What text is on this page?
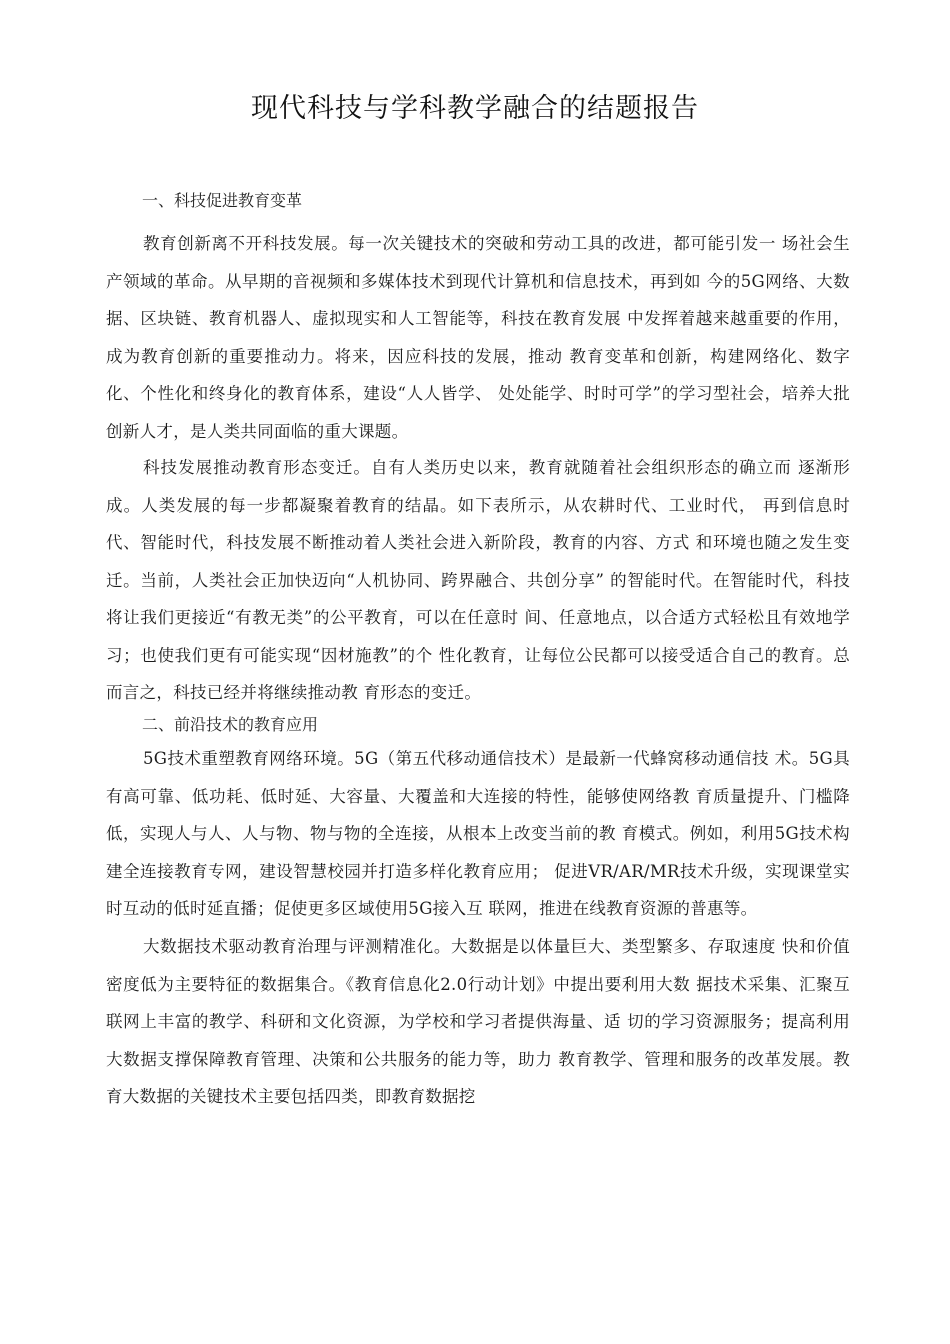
现代科技与学科教学融合的结题报告
一、科技促进教育变革

教育创新离不开科技发展。每一次关键技术的突破和劳动工具的改进，都可能引发一 场社会生产领域的革命。从早期的音视频和多媒体技术到现代计算机和信息技术，再到如 今的5G网络、大数据、区块链、教育机器人、虚拟现实和人工智能等，科技在教育发展 中发挥着越来越重要的作用，成为教育创新的重要推动力。将来，因应科技的发展，推动 教育变革和创新，构建网络化、数字化、个性化和终身化的教育体系，建设“人人皆学、 处处能学、时时可学”的学习型社会，培养大批创新人才，是人类共同面临的重大课题。

科技发展推动教育形态变迁。自有人类历史以来，教育就随着社会组织形态的确立而 逐渐形成。人类发展的每一步都凝聚着教育的结晶。如下表所示，从农耕时代、工业时代， 再到信息时代、智能时代，科技发展不断推动着人类社会进入新阶段，教育的内容、方式 和环境也随之发生变迁。当前，人类社会正加快迈向“人机协同、跨界融合、共创分享” 的智能时代。在智能时代，科技将让我们更接近“有教无类”的公平教育，可以在任意时 间、任意地点，以合适方式轻松且有效地学习；也使我们更有可能实现“因材施教”的个 性化教育，让每位公民都可以接受适合自己的教育。总而言之，科技已经并将继续推动教 育形态的变迁。

二、前沿技术的教育应用

5G技术重塑教育网络环境。5G（第五代移动通信技术）是最新一代蜂窝移动通信技 术。5G具有高可靠、低功耗、低时延、大容量、大覆盖和大连接的特性，能够使网络教 育质量提升、门槛降低，实现人与人、人与物、物与物的全连接，从根本上改变当前的教 育模式。例如，利用5G技术构建全连接教育专网，建设智慧校园并打造多样化教育应用； 促进VR/AR/MR技术升级，实现课堂实时互动的低时延直播；促使更多区域使用5G接入互 联网，推进在线教育资源的普惠等。

大数据技术驱动教育治理与评测精准化。大数据是以体量巨大、类型繁多、存取速度 快和价值密度低为主要特征的数据集合。《教育信息化2.0行动计划》中提出要利用大数 据技术采集、汇聚互联网上丰富的教学、科研和文化资源，为学校和学习者提供海量、适 切的学习资源服务；提高利用大数据支撑保障教育管理、决策和公共服务的能力等，助力 教育教学、管理和服务的改革发展。教育大数据的关键技术主要包括四类，即教育数据挖
